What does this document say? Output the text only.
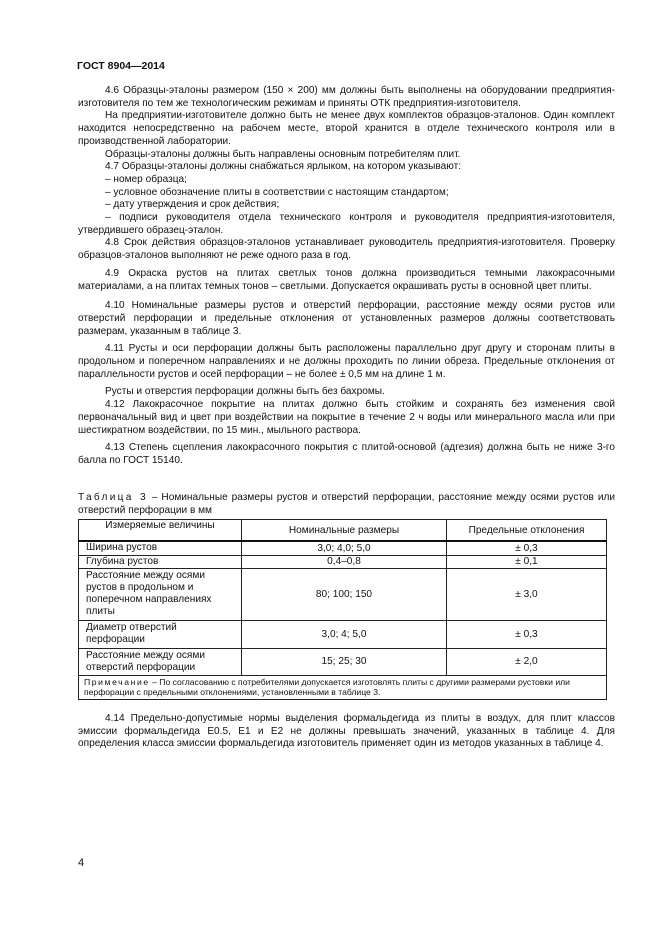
ГОСТ 8904—2014

4.6 Образцы-эталоны размером (150 × 200) мм должны быть выполнены на оборудовании предприятия-изготовителя по тем же технологическим режимам и приняты ОТК предприятия-изготовителя.

На предприятии-изготовителе должно быть не менее двух комплектов образцов-эталонов. Один комплект находится непосредственно на рабочем месте, второй хранится в отделе технического контроля или в производственной лаборатории.

Образцы-эталоны должны быть направлены основным потребителям плит.

4.7 Образцы-эталоны должны снабжаться ярлыком, на котором указывают:

– номер образца;

– условное обозначение плиты в соответствии с настоящим стандартом;

– дату утверждения и срок действия;

– подписи руководителя отдела технического контроля и руководителя предприятия-изготовителя, утвердившего образец-эталон.

4.8 Срок действия образцов-эталонов устанавливает руководитель предприятия-изготовителя. Проверку образцов-эталонов выполняют не реже одного раза в год.

4.9 Окраска рустов на плитах светлых тонов должна производиться темными лакокрасочными материалами, а на плитах темных тонов – светлыми. Допускается окрашивать русты в основной цвет плиты.

4.10 Номинальные размеры рустов и отверстий перфорации, расстояние между осями рустов или отверстий перфорации и предельные отклонения от установленных размеров должны соответствовать размерам, указанным в таблице 3.

4.11 Русты и оси перфорации должны быть расположены параллельно друг другу и сторонам плиты в продольном и поперечном направлениях и не должны проходить по линии обреза. Предельные отклонения от параллельности рустов и осей перфорации – не более ± 0,5 мм на длине 1 м.

Русты и отверстия перфорации должны быть без бахромы.

4.12 Лакокрасочное покрытие на плитах должно быть стойким и сохранять без изменения свой первоначальный вид и цвет при воздействии на покрытие в течение 2 ч воды или минерального масла или при шестикратном воздействии, по 15 мин., мыльного раствора.

4.13 Степень сцепления лакокрасочного покрытия с плитой-основой (адгезия) должна быть не ниже 3-го балла по ГОСТ 15140.

Таблица 3 – Номинальные размеры рустов и отверстий перфорации, расстояние между осями рустов или отверстий перфорации в мм
Измеряемые величины	Номинальные размеры	Предельные отклонения
Ширина рустов	3,0; 4,0; 5,0	± 0,3
Глубина рустов	0,4–0,8	± 0,1
Расстояние между осями рустов в продольном и поперечном направлениях плиты	80; 100; 150	± 3,0
Диаметр отверстий перфорации	3,0; 4; 5,0	± 0,3
Расстояние между осями отверстий перфорации	15; 25; 30	± 2,0
Примечание – По согласованию с потребителями допускается изготовлять плиты с другими размерами рустовки или перфорации с предельными отклонениями, установленными в таблице 3.		

4.14 Предельно-допустимые нормы выделения формальдегида из плиты в воздух, для плит классов эмиссии формальдегида Е0.5, Е1 и Е2 не должны превышать значений, указанных в таблице 4. Для определения класса эмиссии формальдегида изготовитель применяет один из методов указанных в таблице 4.

4
